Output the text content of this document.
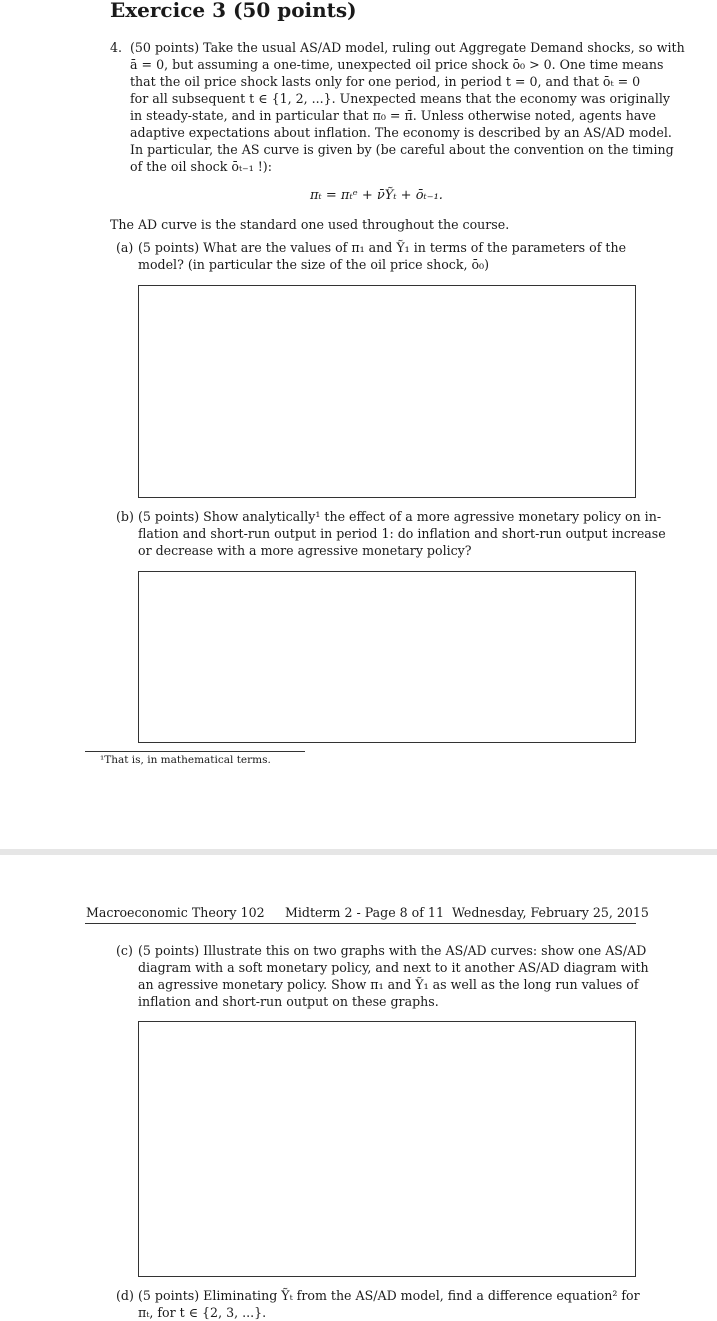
Exercice 3 (50 points)
4. (50 points) Take the usual AS/AD model, ruling out Aggregate Demand shocks, so with
ā = 0, but assuming a one-time, unexpected oil price shock ō₀ > 0. One time means
that the oil price shock lasts only for one period, in period t = 0, and that ōₜ = 0
for all subsequent t ∈ {1, 2, ...}. Unexpected means that the economy was originally
in steady-state, and in particular that π₀ = π̄. Unless otherwise noted, agents have
adaptive expectations about inflation. The economy is described by an AS/AD model.
In particular, the AS curve is given by (be careful about the convention on the timing
of the oil shock ōₜ₋₁ !):
πₜ = πₜᵉ + ν̄Ỹₜ + ōₜ₋₁.
The AD curve is the standard one used throughout the course.
(a) (5 points) What are the values of π₁ and Ỹ₁ in terms of the parameters of the
model? (in particular the size of the oil price shock, ō₀)
(b) (5 points) Show analytically¹ the effect of a more agressive monetary policy on in-
flation and short-run output in period 1: do inflation and short-run output increase
or decrease with a more agressive monetary policy?
¹That is, in mathematical terms.
Macroeconomic Theory 102 Midterm 2 - Page 8 of 11 Wednesday, February 25, 2015
(c) (5 points) Illustrate this on two graphs with the AS/AD curves: show one AS/AD
diagram with a soft monetary policy, and next to it another AS/AD diagram with
an agressive monetary policy. Show π₁ and Ỹ₁ as well as the long run values of
inflation and short-run output on these graphs.
(d) (5 points) Eliminating Ỹₜ from the AS/AD model, find a difference equation² for
πₜ, for t ∈ {2, 3, ...}.
